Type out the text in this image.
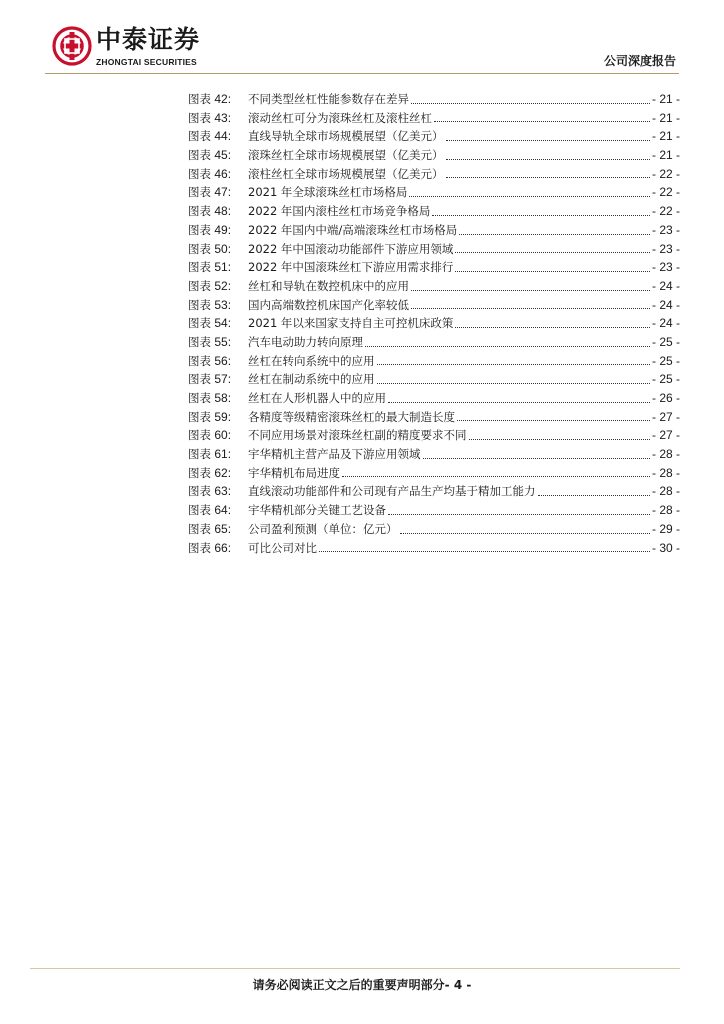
中泰证券
ZHONGTAI SECURITIES	公司深度报告
图表 42:	不同类型丝杠性能参数存在差异	- 21 -
图表 43:	滚动丝杠可分为滚珠丝杠及滚柱丝杠	- 21 -
图表 44:	直线导轨全球市场规模展望（亿美元）	- 21 -
图表 45:	滚珠丝杠全球市场规模展望（亿美元）	- 21 -
图表 46:	滚柱丝杠全球市场规模展望（亿美元）	- 22 -
图表 47:	2021 年全球滚珠丝杠市场格局	- 22 -
图表 48:	2022 年国内滚柱丝杠市场竞争格局	- 22 -
图表 49:	2022 年国内中端/高端滚珠丝杠市场格局	- 23 -
图表 50:	2022 年中国滚动功能部件下游应用领域	- 23 -
图表 51:	2022 年中国滚珠丝杠下游应用需求排行	- 23 -
图表 52:	丝杠和导轨在数控机床中的应用	- 24 -
图表 53:	国内高端数控机床国产化率较低	- 24 -
图表 54:	2021 年以来国家支持自主可控机床政策	- 24 -
图表 55:	汽车电动助力转向原理	- 25 -
图表 56:	丝杠在转向系统中的应用	- 25 -
图表 57:	丝杠在制动系统中的应用	- 25 -
图表 58:	丝杠在人形机器人中的应用	- 26 -
图表 59:	各精度等级精密滚珠丝杠的最大制造长度	- 27 -
图表 60:	不同应用场景对滚珠丝杠副的精度要求不同	- 27 -
图表 61:	宇华精机主营产品及下游应用领域	- 28 -
图表 62:	宇华精机布局进度	- 28 -
图表 63:	直线滚动功能部件和公司现有产品生产均基于精加工能力	- 28 -
图表 64:	宇华精机部分关键工艺设备	- 28 -
图表 65:	公司盈利预测（单位：亿元）	- 29 -
图表 66:	可比公司对比	- 30 -
请务必阅读正文之后的重要声明部分- 4 -
